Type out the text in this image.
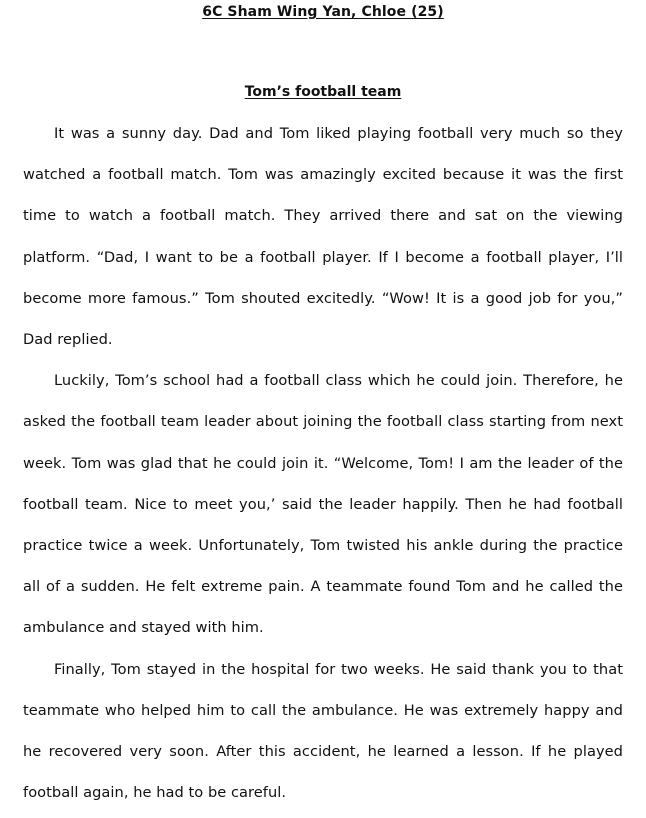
6C Sham Wing Yan, Chloe (25)
Tom’s football team

It was a sunny day. Dad and Tom liked playing football very much so they watched a football match. Tom was amazingly excited because it was the first time to watch a football match. They arrived there and sat on the viewing platform. “Dad, I want to be a football player. If I become a football player, I’ll become more famous.” Tom shouted excitedly. “Wow! It is a good job for you,” Dad replied.

Luckily, Tom’s school had a football class which he could join. Therefore, he asked the football team leader about joining the football class starting from next week. Tom was glad that he could join it. “Welcome, Tom! I am the leader of the football team. Nice to meet you,’ said the leader happily. Then he had football practice twice a week. Unfortunately, Tom twisted his ankle during the practice all of a sudden. He felt extreme pain. A teammate found Tom and he called the ambulance and stayed with him.

Finally, Tom stayed in the hospital for two weeks. He said thank you to that teammate who helped him to call the ambulance. He was extremely happy and he recovered very soon. After this accident, he learned a lesson. If he played football again, he had to be careful.
